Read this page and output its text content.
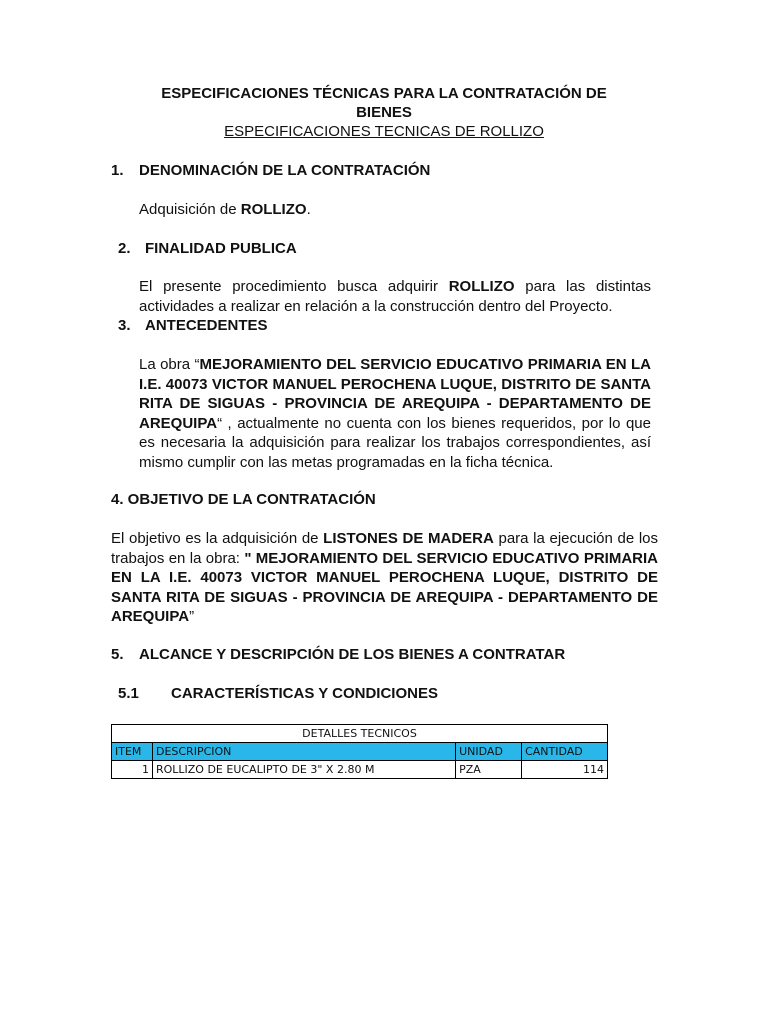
ESPECIFICACIONES TÉCNICAS PARA LA CONTRATACIÓN DE
BIENES
ESPECIFICACIONES TECNICAS DE ROLLIZO
1. DENOMINACIÓN DE LA CONTRATACIÓN
Adquisición de ROLLIZO.
2. FINALIDAD PUBLICA
El presente procedimiento busca adquirir ROLLIZO para las distintas actividades a realizar en relación a la construcción dentro del Proyecto.
3. ANTECEDENTES
La obra “MEJORAMIENTO DEL SERVICIO EDUCATIVO PRIMARIA EN LA I.E. 40073 VICTOR MANUEL PEROCHENA LUQUE, DISTRITO DE SANTA RITA DE SIGUAS - PROVINCIA DE AREQUIPA - DEPARTAMENTO DE AREQUIPA“ , actualmente no cuenta con los bienes requeridos, por lo que es necesaria la adquisición para realizar los trabajos correspondientes, así mismo cumplir con las metas programadas en la ficha técnica.
4. OBJETIVO DE LA CONTRATACIÓN
El objetivo es la adquisición de LISTONES DE MADERA para la ejecución de los trabajos en la obra: " MEJORAMIENTO DEL SERVICIO EDUCATIVO PRIMARIA EN LA I.E. 40073 VICTOR MANUEL PEROCHENA LUQUE, DISTRITO DE SANTA RITA DE SIGUAS - PROVINCIA DE AREQUIPA - DEPARTAMENTO DE AREQUIPA”
5. ALCANCE Y DESCRIPCIÓN DE LOS BIENES A CONTRATAR
5.1 CARACTERÍSTICAS Y CONDICIONES
DETALLES TECNICOS			
ITEM	DESCRIPCION	UNIDAD	CANTIDAD
1	ROLLIZO DE EUCALIPTO DE 3" X 2.80 M	PZA	114
